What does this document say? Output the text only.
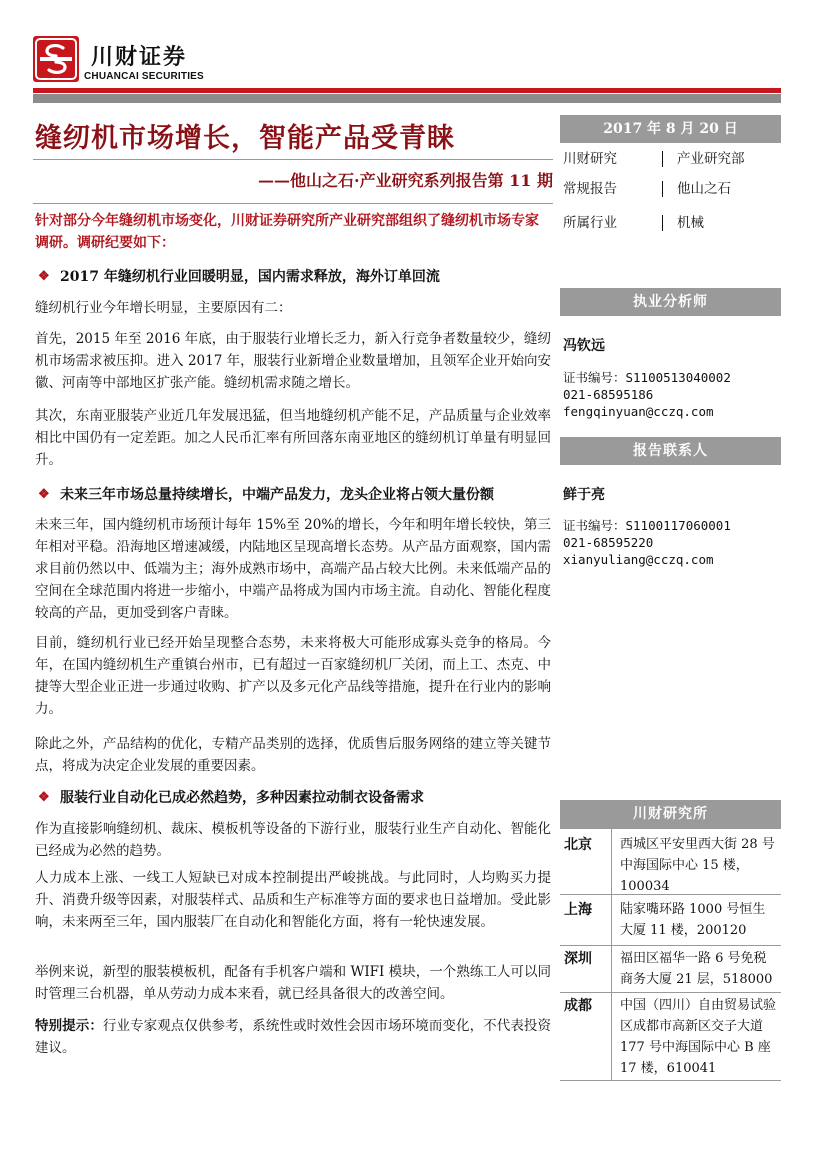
川财证券
CHUANCAI SECURITIES
缝纫机市场增长，智能产品受青睐
——他山之石·产业研究系列报告第 11 期
针对部分今年缝纫机市场变化，川财证券研究所产业研究部组织了缝纫机市场专家调研。调研纪要如下：
❖ 2017 年缝纫机行业回暖明显，国内需求释放，海外订单回流
缝纫机行业今年增长明显，主要原因有二：
首先，2015 年至 2016 年底，由于服装行业增长乏力，新入行竞争者数量较少，缝纫机市场需求被压抑。进入 2017 年，服装行业新增企业数量增加，且领军企业开始向安徽、河南等中部地区扩张产能。缝纫机需求随之增长。
其次，东南亚服装产业近几年发展迅猛，但当地缝纫机产能不足，产品质量与企业效率相比中国仍有一定差距。加之人民币汇率有所回落东南亚地区的缝纫机订单量有明显回升。
❖ 未来三年市场总量持续增长，中端产品发力，龙头企业将占领大量份额
未来三年，国内缝纫机市场预计每年 15%至 20%的增长，今年和明年增长较快，第三年相对平稳。沿海地区增速减缓，内陆地区呈现高增长态势。从产品方面观察，国内需求目前仍然以中、低端为主；海外成熟市场中，高端产品占较大比例。未来低端产品的空间在全球范围内将进一步缩小，中端产品将成为国内市场主流。自动化、智能化程度较高的产品，更加受到客户青睐。
目前，缝纫机行业已经开始呈现整合态势，未来将极大可能形成寡头竞争的格局。今年，在国内缝纫机生产重镇台州市，已有超过一百家缝纫机厂关闭，而上工、杰克、中捷等大型企业正进一步通过收购、扩产以及多元化产品线等措施，提升在行业内的影响力。
除此之外，产品结构的优化，专精产品类别的选择，优质售后服务网络的建立等关键节点，将成为决定企业发展的重要因素。
❖ 服装行业自动化已成必然趋势，多种因素拉动制衣设备需求
作为直接影响缝纫机、裁床、模板机等设备的下游行业，服装行业生产自动化、智能化已经成为必然的趋势。
人力成本上涨、一线工人短缺已对成本控制提出严峻挑战。与此同时，人均购买力提升、消费升级等因素，对服装样式、品质和生产标准等方面的要求也日益增加。受此影响，未来两至三年，国内服装厂在自动化和智能化方面，将有一轮快速发展。
举例来说，新型的服装模板机，配备有手机客户端和 WIFI 模块，一个熟练工人可以同时管理三台机器，单从劳动力成本来看，就已经具备很大的改善空间。
特别提示：行业专家观点仅供参考，系统性或时效性会因市场环境而变化，不代表投资建议。
2017 年 8 月 20 日
川财研究	产业研究部
常规报告	他山之石
所属行业	机械
执业分析师
冯钦远
证书编号：S1100513040002
021-68595186
fengqinyuan@cczq.com
报告联系人
鲜于亮
证书编号：S1100117060001
021-68595220
xianyuliang@cczq.com
川财研究所
北京 西城区平安里西大街 28 号中海国际中心 15 楼，100034
上海 陆家嘴环路 1000 号恒生大厦 11 楼，200120
深圳 福田区福华一路 6 号免税商务大厦 21 层，518000
成都 中国（四川）自由贸易试验区成都市高新区交子大道 177 号中海国际中心 B 座 17 楼，610041
